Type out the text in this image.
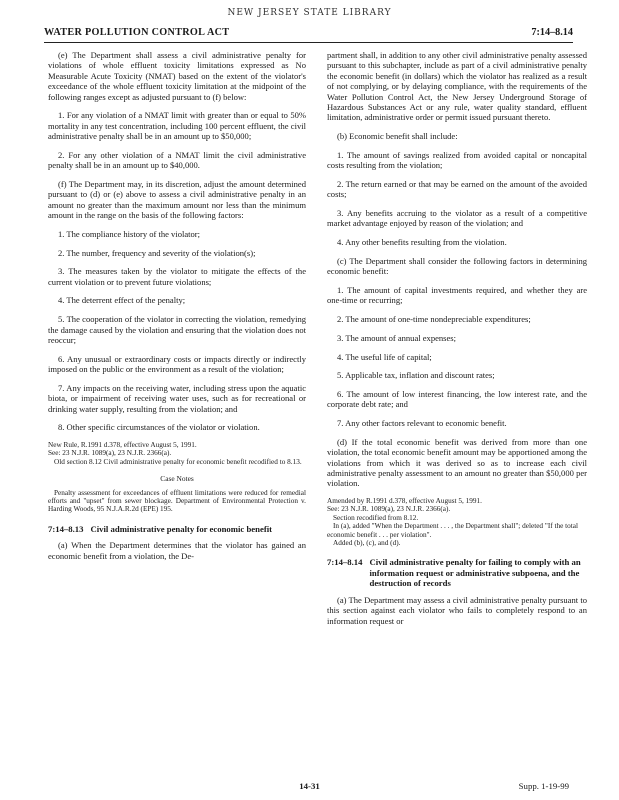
NEW JERSEY STATE LIBRARY
WATER POLLUTION CONTROL ACT	7:14–8.14

(e) The Department shall assess a civil administrative penalty for violations of whole effluent toxicity limitations expressed as No Measurable Acute Toxicity (NMAT) based on the extent of the violator's exceedance of the whole effluent toxicity limitation at the midpoint of the following ranges except as adjusted pursuant to (f) below:

1. For any violation of a NMAT limit with greater than or equal to 50% mortality in any test concentration, including 100 percent effluent, the civil administrative penalty shall be in an amount up to $50,000;

2. For any other violation of a NMAT limit the civil administrative penalty shall be in an amount up to $40,000.

(f) The Department may, in its discretion, adjust the amount determined pursuant to (d) or (e) above to assess a civil administrative penalty in an amount no greater than the maximum amount nor less than the minimum amount in the range on the basis of the following factors:

1. The compliance history of the violator;

2. The number, frequency and severity of the violation(s);

3. The measures taken by the violator to mitigate the effects of the current violation or to prevent future violations;

4. The deterrent effect of the penalty;

5. The cooperation of the violator in correcting the violation, remedying the damage caused by the violation and ensuring that the violation does not reoccur;

6. Any unusual or extraordinary costs or impacts directly or indirectly imposed on the public or the environment as a result of the violation;

7. Any impacts on the receiving water, including stress upon the aquatic biota, or impairment of receiving water uses, such as for recreational or drinking water supply, resulting from the violation; and

8. Other specific circumstances of the violator or violation.

New Rule, R.1991 d.378, effective August 5, 1991.

See: 23 N.J.R. 1089(a), 23 N.J.R. 2366(a).

Old section 8.12 Civil administrative penalty for economic benefit recodified to 8.13.

Case Notes

Penalty assessment for exceedances of effluent limitations were reduced for remedial efforts and "upset" from sewer blockage. Department of Environmental Protection v. Harding Woods, 95 N.J.A.R.2d (EPE) 195.

7:14–8.13 Civil administrative penalty for economic benefit

(a) When the Department determines that the violator has gained an economic benefit from a violation, the De-

partment shall, in addition to any other civil administrative penalty assessed pursuant to this subchapter, include as part of a civil administrative penalty the economic benefit (in dollars) which the violator has realized as a result of not complying, or by delaying compliance, with the requirements of the Water Pollution Control Act, the New Jersey Underground Storage of Hazardous Substances Act or any rule, water quality standard, effluent limitation, administrative order or permit issued pursuant thereto.

(b) Economic benefit shall include:

1. The amount of savings realized from avoided capital or noncapital costs resulting from the violation;

2. The return earned or that may be earned on the amount of the avoided costs;

3. Any benefits accruing to the violator as a result of a competitive market advantage enjoyed by reason of the violation; and

4. Any other benefits resulting from the violation.

(c) The Department shall consider the following factors in determining economic benefit:

1. The amount of capital investments required, and whether they are one-time or recurring;

2. The amount of one-time nondepreciable expenditures;

3. The amount of annual expenses;

4. The useful life of capital;

5. Applicable tax, inflation and discount rates;

6. The amount of low interest financing, the low interest rate, and the corporate debt rate; and

7. Any other factors relevant to economic benefit.

(d) If the total economic benefit was derived from more than one violation, the total economic benefit amount may be apportioned among the violations from which it was derived so as to increase each civil administrative penalty assessment to an amount no greater than $50,000 per violation.

Amended by R.1991 d.378, effective August 5, 1991.

See: 23 N.J.R. 1089(a), 23 N.J.R. 2366(a).

Section recodified from 8.12.

In (a), added "When the Department . . . , the Department shall"; deleted "If the total economic benefit . . . per violation".

Added (b), (c), and (d).

7:14–8.14 Civil administrative penalty for failing to comply with an information request or administrative subpoena, and the destruction of records

(a) The Department may assess a civil administrative penalty pursuant to this section against each violator who fails to completely respond to an information request or

14-31	Supp. 1-19-99
